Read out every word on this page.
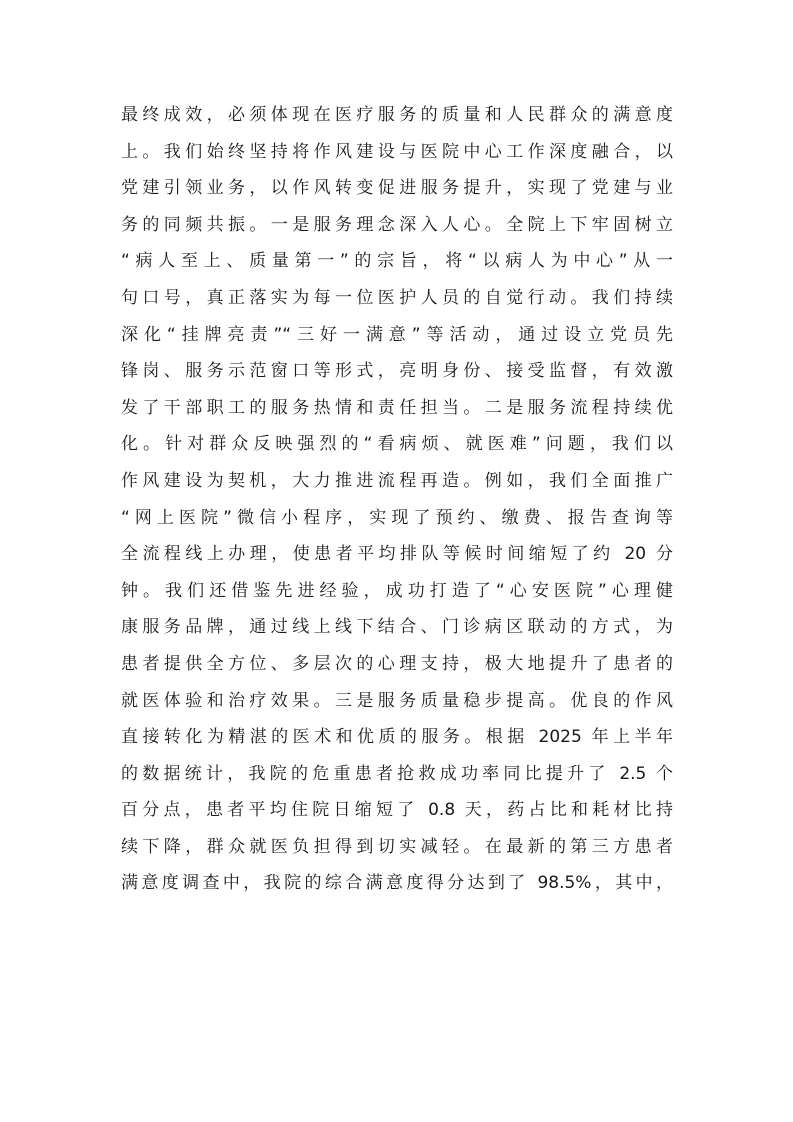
最终成效，必须体现在医疗服务的质量和人民群众的满意度
上。我们始终坚持将作风建设与医院中心工作深度融合，以
党建引领业务，以作风转变促进服务提升，实现了党建与业
务的同频共振。一是服务理念深入人心。全院上下牢固树立
“病人至上、质量第一”的宗旨，将“以病人为中心”从一
句口号，真正落实为每一位医护人员的自觉行动。我们持续
深化“挂牌亮责”“三好一满意”等活动，通过设立党员先
锋岗、服务示范窗口等形式，亮明身份、接受监督，有效激
发了干部职工的服务热情和责任担当。二是服务流程持续优
化。针对群众反映强烈的“看病烦、就医难”问题，我们以
作风建设为契机，大力推进流程再造。例如，我们全面推广
“网上医院”微信小程序，实现了预约、缴费、报告查询等
全流程线上办理，使患者平均排队等候时间缩短了约 20 分
钟。我们还借鉴先进经验，成功打造了“心安医院”心理健
康服务品牌，通过线上线下结合、门诊病区联动的方式，为
患者提供全方位、多层次的心理支持，极大地提升了患者的
就医体验和治疗效果。三是服务质量稳步提高。优良的作风
直接转化为精湛的医术和优质的服务。根据 2025 年上半年
的数据统计，我院的危重患者抢救成功率同比提升了 2.5 个
百分点，患者平均住院日缩短了 0.8 天，药占比和耗材比持
续下降，群众就医负担得到切实减轻。在最新的第三方患者
满意度调查中，我院的综合满意度得分达到了 98.5%，其中，
